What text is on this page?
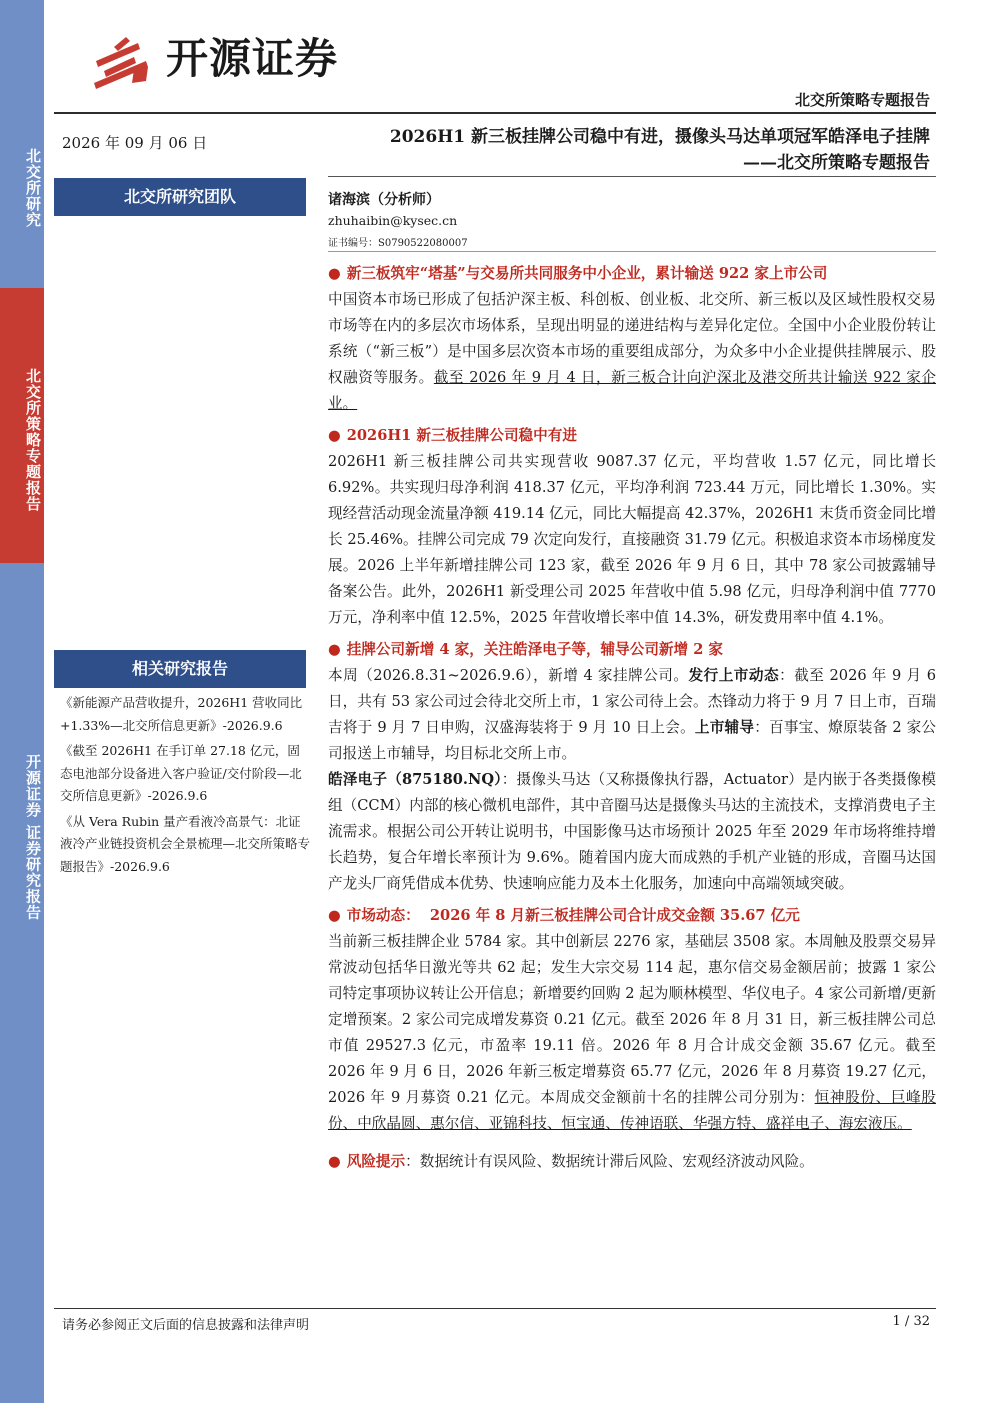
北交所研究
北交所策略专题报告
开源证券 证券研究报告
开源证券
北交所策略专题报告
2026 年 09 月 06 日
北交所研究团队
相关研究报告

《新能源产品营收提升，2026H1 营收同比+1.33%—北交所信息更新》-2026.9.6

《截至 2026H1 在手订单 27.18 亿元，固态电池部分设备进入客户验证/交付阶段—北交所信息更新》-2026.9.6

《从 Vera Rubin 量产看液冷高景气：北证液冷产业链投资机会全景梳理—北交所策略专题报告》-2026.9.6

2026H1 新三板挂牌公司稳中有进，摄像头马达单项冠军皓泽电子挂牌
——北交所策略专题报告
诸海滨（分析师）
zhuhaibin@kysec.cn
证书编号：S0790522080007

● 新三板筑牢“塔基”与交易所共同服务中小企业，累计输送 922 家上市公司

中国资本市场已形成了包括沪深主板、科创板、创业板、北交所、新三板以及区域性股权交易市场等在内的多层次市场体系，呈现出明显的递进结构与差异化定位。全国中小企业股份转让系统（“新三板”）是中国多层次资本市场的重要组成部分，为众多中小企业提供挂牌展示、股权融资等服务。截至 2026 年 9 月 4 日，新三板合计向沪深北及港交所共计输送 922 家企业。

● 2026H1 新三板挂牌公司稳中有进

2026H1 新三板挂牌公司共实现营收 9087.37 亿元，平均营收 1.57 亿元，同比增长 6.92%。共实现归母净利润 418.37 亿元，平均净利润 723.44 万元，同比增长 1.30%。实现经营活动现金流量净额 419.14 亿元，同比大幅提高 42.37%，2026H1 末货币资金同比增长 25.46%。挂牌公司完成 79 次定向发行，直接融资 31.79 亿元。积极追求资本市场梯度发展。2026 上半年新增挂牌公司 123 家，截至 2026 年 9 月 6 日，其中 78 家公司披露辅导备案公告。此外，2026H1 新受理公司 2025 年营收中值 5.98 亿元，归母净利润中值 7770 万元，净利率中值 12.5%，2025 年营收增长率中值 14.3%，研发费用率中值 4.1%。

● 挂牌公司新增 4 家，关注皓泽电子等，辅导公司新增 2 家

本周（2026.8.31~2026.9.6），新增 4 家挂牌公司。发行上市动态：截至 2026 年 9 月 6 日，共有 53 家公司过会待北交所上市，1 家公司待上会。杰锋动力将于 9 月 7 日上市，百瑞吉将于 9 月 7 日申购，汉盛海装将于 9 月 10 日上会。上市辅导：百事宝、燎原装备 2 家公司报送上市辅导，均目标北交所上市。

皓泽电子（875180.NQ）：摄像头马达（又称摄像执行器，Actuator）是内嵌于各类摄像模组（CCM）内部的核心微机电部件，其中音圈马达是摄像头马达的主流技术，支撑消费电子主流需求。根据公司公开转让说明书，中国影像马达市场预计 2025 年至 2029 年市场将维持增长趋势，复合年增长率预计为 9.6%。随着国内庞大而成熟的手机产业链的形成，音圈马达国产龙头厂商凭借成本优势、快速响应能力及本土化服务，加速向中高端领域突破。

● 市场动态： 2026 年 8 月新三板挂牌公司合计成交金额 35.67 亿元

当前新三板挂牌企业 5784 家。其中创新层 2276 家，基础层 3508 家。本周触及股票交易异常波动包括华日激光等共 62 起；发生大宗交易 114 起，惠尔信交易金额居前；披露 1 家公司特定事项协议转让公开信息；新增要约回购 2 起为顺林模型、华仪电子。4 家公司新增/更新定增预案。2 家公司完成增发募资 0.21 亿元。截至 2026 年 8 月 31 日，新三板挂牌公司总市值 29527.3 亿元，市盈率 19.11 倍。2026 年 8 月合计成交金额 35.67 亿元。截至 2026 年 9 月 6 日，2026 年新三板定增募资 65.77 亿元，2026 年 8 月募资 19.27 亿元，2026 年 9 月募资 0.21 亿元。本周成交金额前十名的挂牌公司分别为：恒神股份、巨峰股份、中欣晶圆、惠尔信、亚锦科技、恒宝通、传神语联、华强方特、盛祥电子、海宏液压。

● 风险提示：数据统计有误风险、数据统计滞后风险、宏观经济波动风险。

请务必参阅正文后面的信息披露和法律声明	1 / 32
